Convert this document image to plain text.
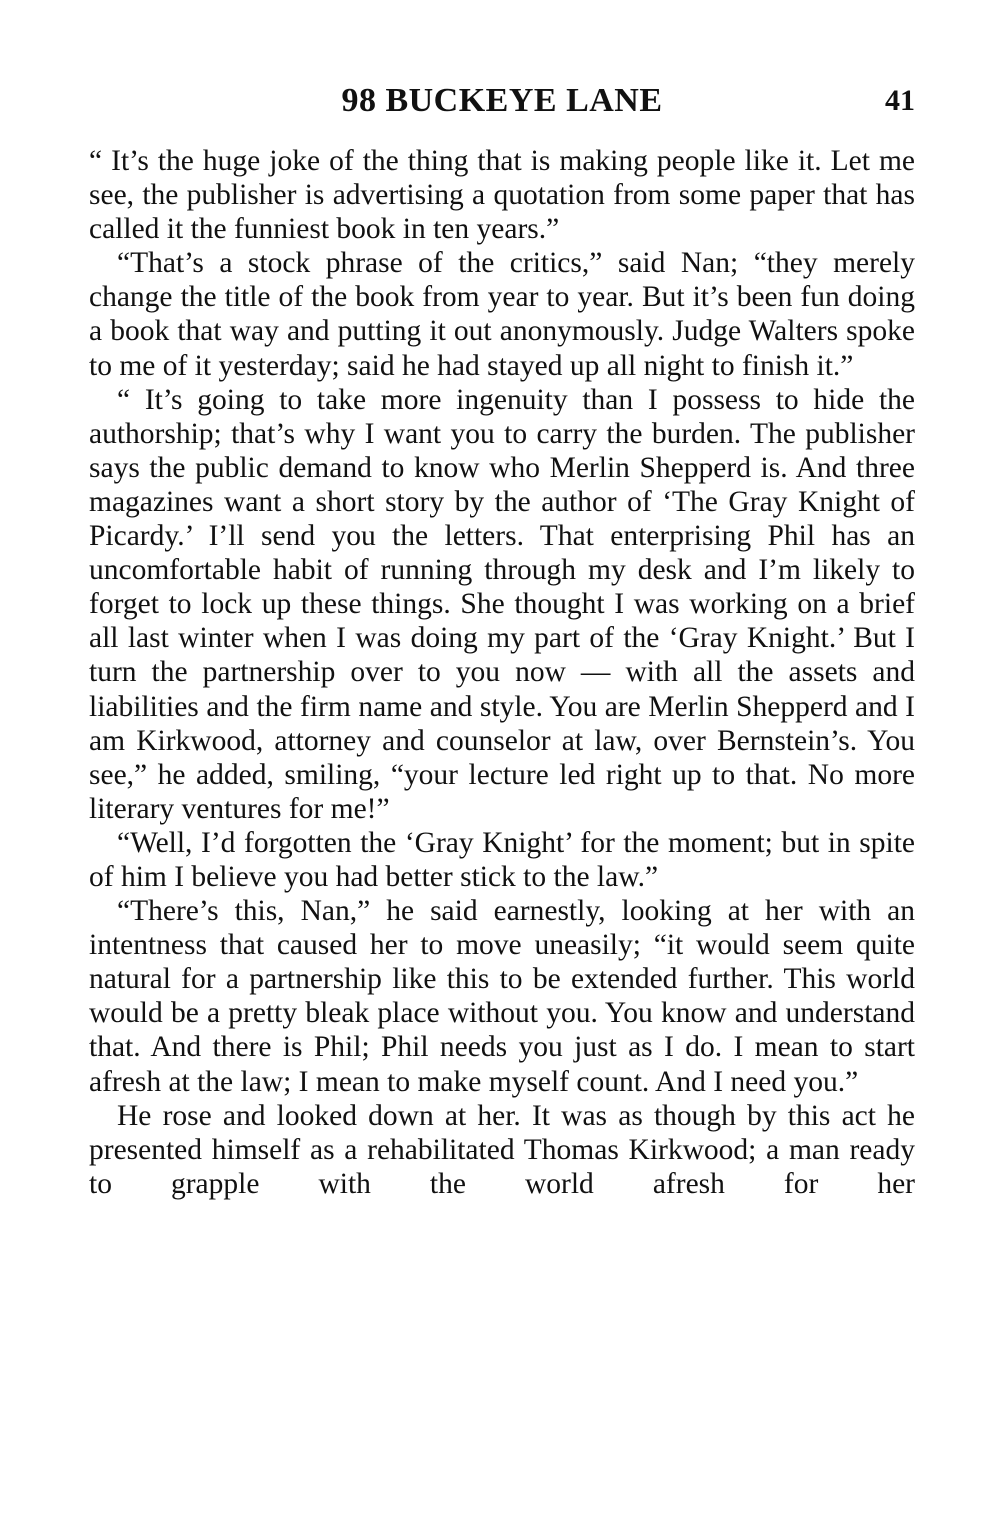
98 BUCKEYE LANE	41

“ It’s the huge joke of the thing that is making people like it. Let me see, the publisher is advertising a quotation from some paper that has called it the funniest book in ten years.”

“That’s a stock phrase of the critics,” said Nan; “they merely change the title of the book from year to year. But it’s been fun doing a book that way and putting it out anonymously. Judge Walters spoke to me of it yesterday; said he had stayed up all night to finish it.”

“ It’s going to take more ingenuity than I possess to hide the authorship; that’s why I want you to carry the burden. The publisher says the public demand to know who Merlin Shepperd is. And three magazines want a short story by the author of ‘The Gray Knight of Picardy.’ I’ll send you the letters. That enterprising Phil has an uncomfortable habit of running through my desk and I’m likely to forget to lock up these things. She thought I was working on a brief all last winter when I was doing my part of the ‘Gray Knight.’ But I turn the partnership over to you now — with all the assets and liabilities and the firm name and style. You are Merlin Shepperd and I am Kirkwood, attorney and counselor at law, over Bernstein’s. You see,” he added, smiling, “your lecture led right up to that. No more literary ventures for me!”

“Well, I’d forgotten the ‘Gray Knight’ for the moment; but in spite of him I believe you had better stick to the law.”

“There’s this, Nan,” he said earnestly, looking at her with an intentness that caused her to move uneasily; “it would seem quite natural for a partnership like this to be extended further. This world would be a pretty bleak place without you. You know and understand that. And there is Phil; Phil needs you just as I do. I mean to start afresh at the law; I mean to make myself count. And I need you.”

He rose and looked down at her. It was as though by this act he presented himself as a rehabilitated Thomas Kirkwood; a man ready to grapple with the world afresh for her
